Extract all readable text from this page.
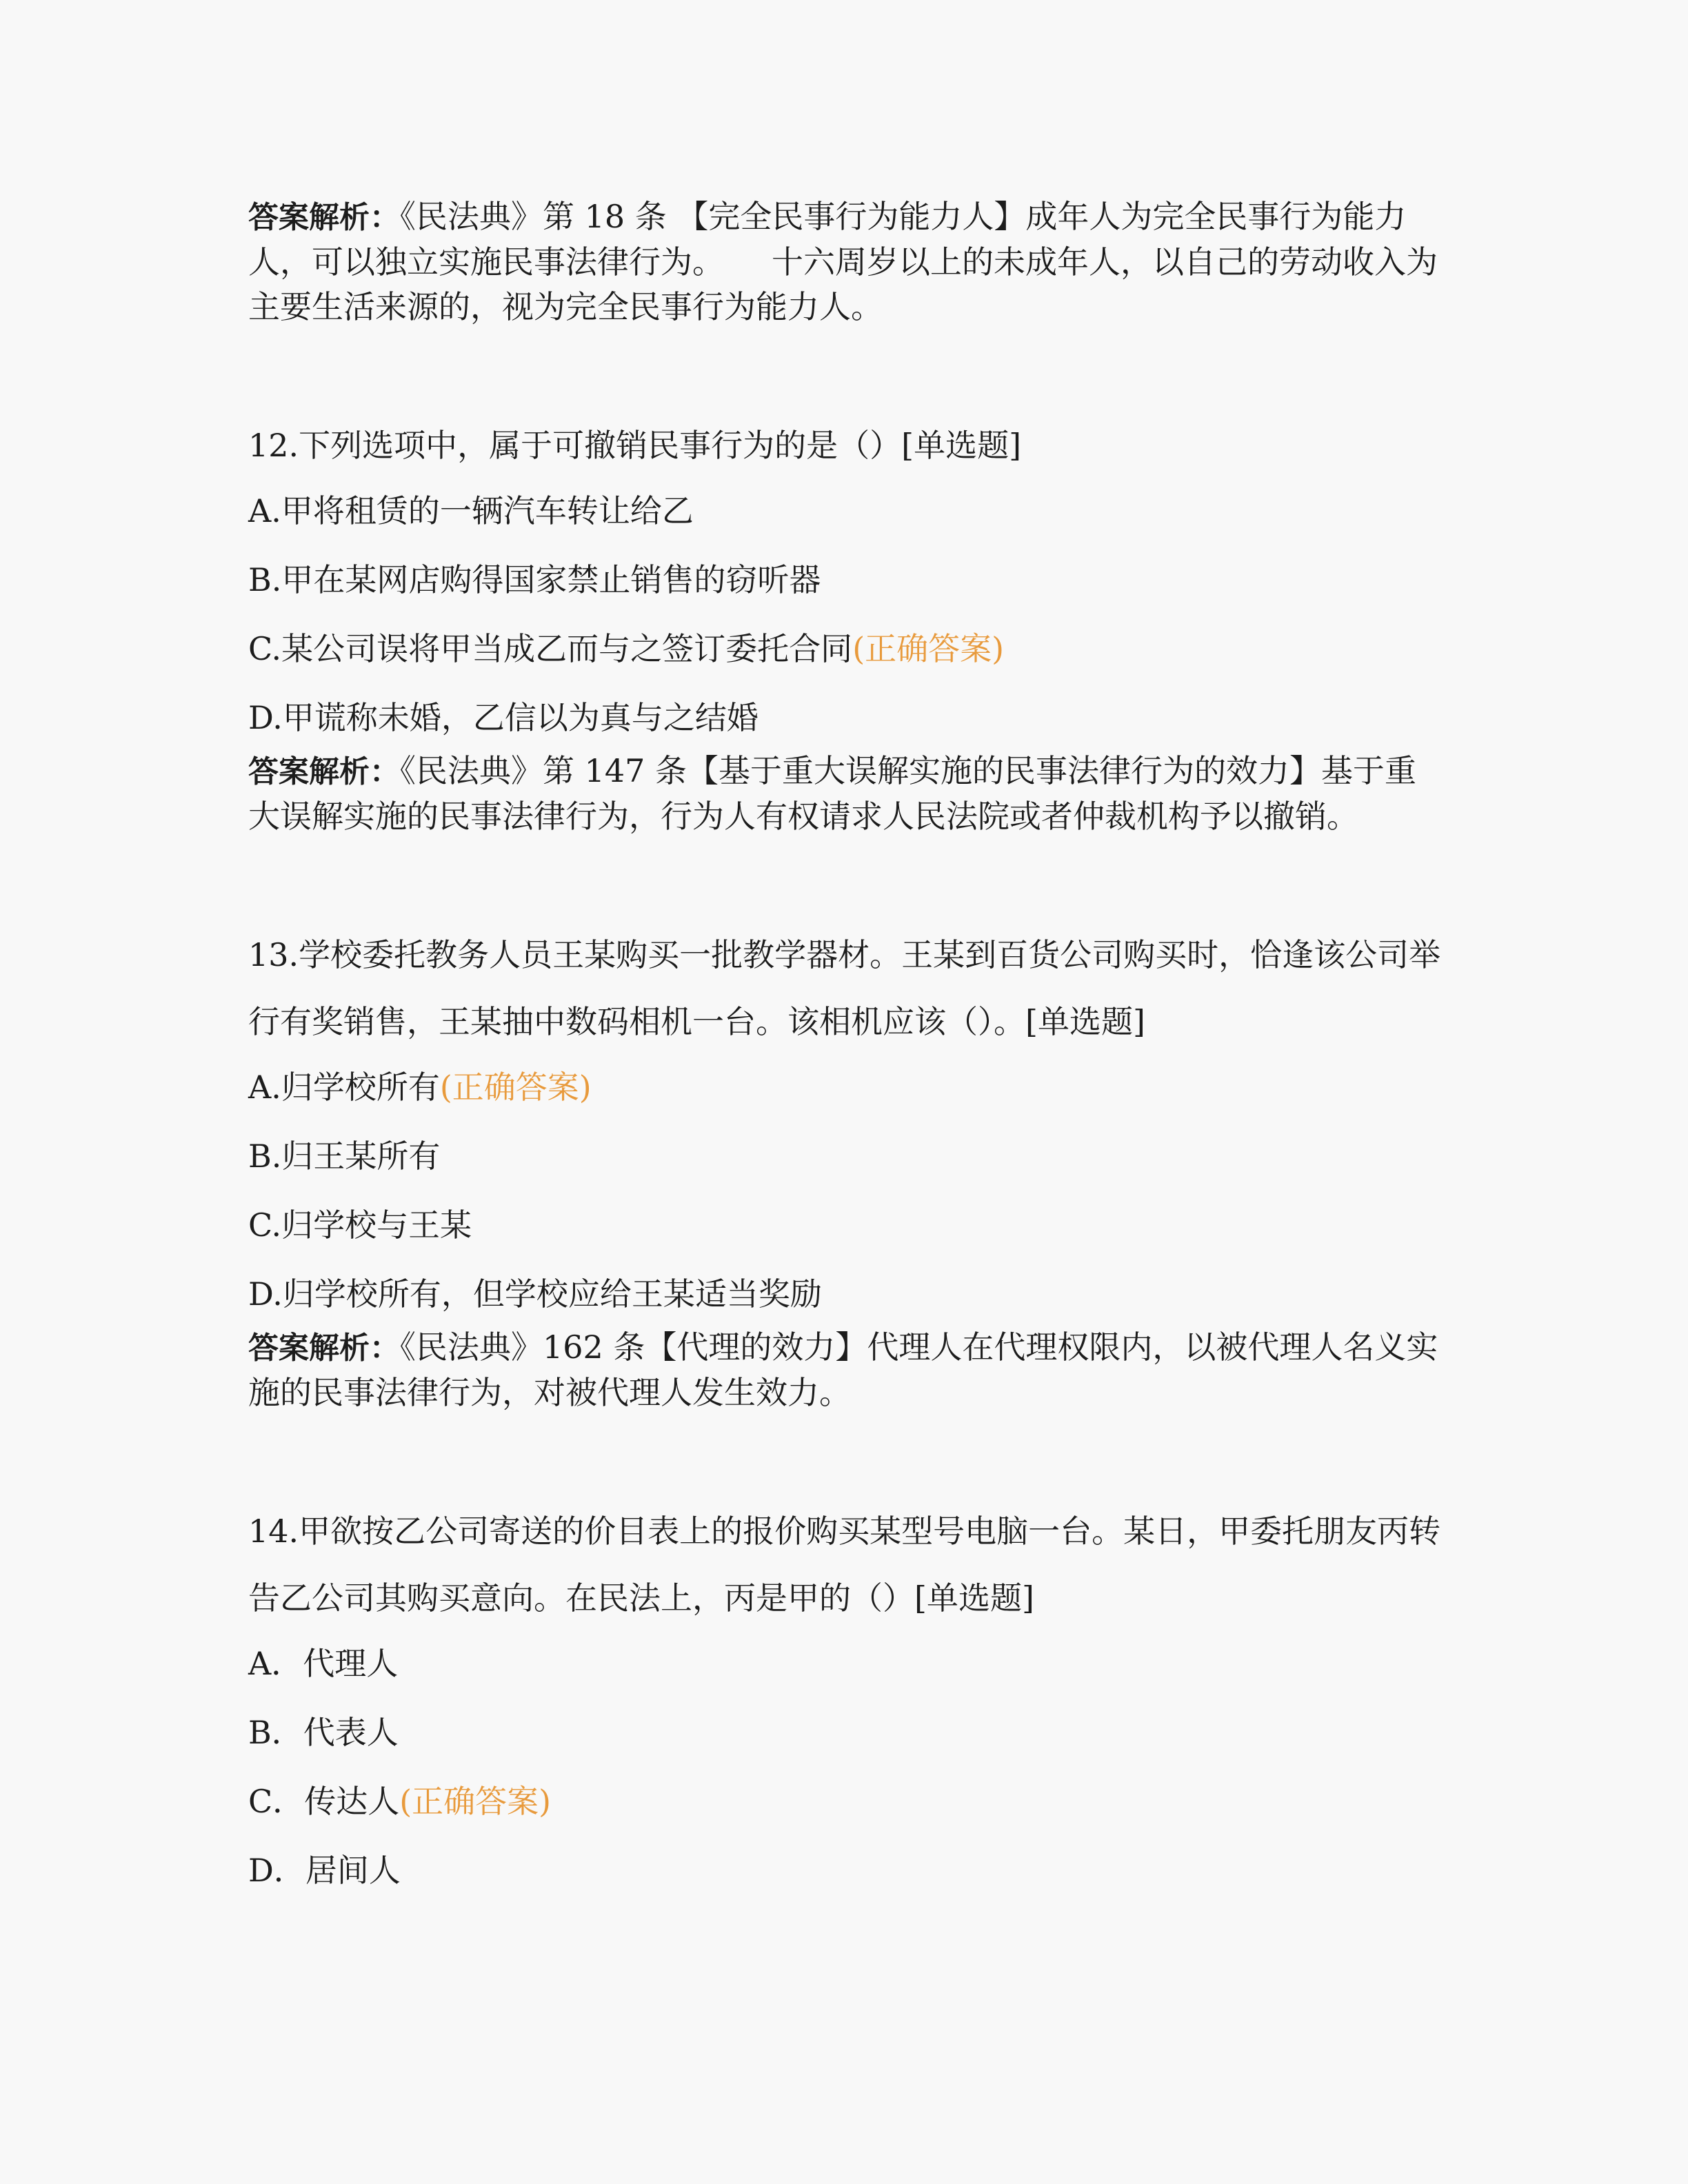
答案解析：《民法典》第 18 条 【完全民事行为能力人】成年人为完全民事行为能力人，可以独立实施民事法律行为。　　十六周岁以上的未成年人，以自己的劳动收入为主要生活来源的，视为完全民事行为能力人。

12.下列选项中，属于可撤销民事行为的是（）[单选题]

A.甲将租赁的一辆汽车转让给乙

B.甲在某网店购得国家禁止销售的窃听器

C.某公司误将甲当成乙而与之签订委托合同(正确答案)

D.甲谎称未婚，乙信以为真与之结婚

答案解析：《民法典》第 147 条【基于重大误解实施的民事法律行为的效力】基于重大误解实施的民事法律行为，行为人有权请求人民法院或者仲裁机构予以撤销。

13.学校委托教务人员王某购买一批教学器材。王某到百货公司购买时，恰逢该公司举行有奖销售，王某抽中数码相机一台。该相机应该（）。[单选题]

A.归学校所有(正确答案)

B.归王某所有

C.归学校与王某

D.归学校所有，但学校应给王某适当奖励

答案解析：《民法典》162 条【代理的效力】代理人在代理权限内，以被代理人名义实施的民事法律行为，对被代理人发生效力。

14.甲欲按乙公司寄送的价目表上的报价购买某型号电脑一台。某日，甲委托朋友丙转告乙公司其购买意向。在民法上，丙是甲的（）[单选题]

A．代理人

B．代表人

C．传达人(正确答案)

D．居间人
